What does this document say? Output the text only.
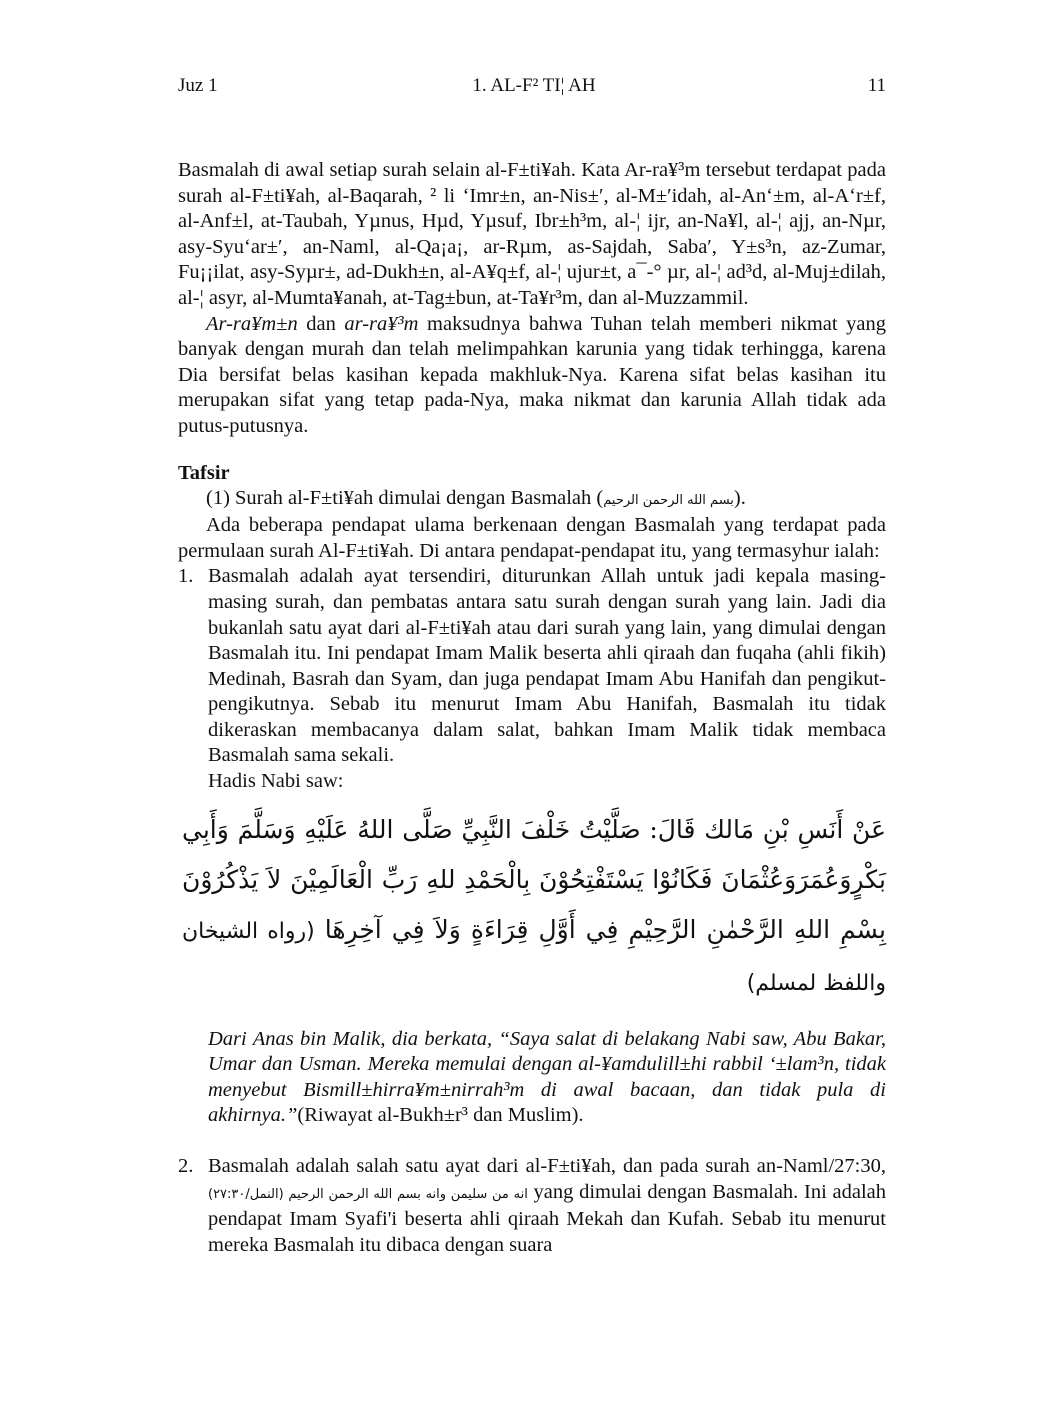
Juz 1	1. AL-F² TI¦ AH	11

Basmalah di awal setiap surah selain al-F±ti¥ah. Kata Ar-ra¥³m tersebut terdapat pada surah al-F±ti¥ah, al-Baqarah, ² li ‘Imr±n, an-Nis±′, al-M±′idah, al-An‘±m, al-A‘r±f, al-Anf±l, at-Taubah, Yµnus, Hµd, Yµsuf, Ibr±h³m, al-¦ ijr, an-Na¥l, al-¦ ajj, an-Nµr, asy-Syu‘ar±′, an-Naml, al-Qa¡a¡, ar-Rµm, as-Sajdah, Saba′, Y±s³n, az-Zumar, Fu¡¡ilat, asy-Syµr±, ad-Dukh±n, al-A¥q±f, al-¦ ujur±t, a¯-° µr, al-¦ ad³d, al-Muj±dilah, al-¦ asyr, al-Mumta¥anah, at-Tag±bun, at-Ta¥r³m, dan al-Muzzammil.

Ar-ra¥m±n dan ar-ra¥³m maksudnya bahwa Tuhan telah memberi nikmat yang banyak dengan murah dan telah melimpahkan karunia yang tidak terhingga, karena Dia bersifat belas kasihan kepada makhluk-Nya. Karena sifat belas kasihan itu merupakan sifat yang tetap pada-Nya, maka nikmat dan karunia Allah tidak ada putus-putusnya.

Tafsir

(1) Surah al-F±ti¥ah dimulai dengan Basmalah (بسم الله الرحمن الرحيم).

Ada beberapa pendapat ulama berkenaan dengan Basmalah yang terdapat pada permulaan surah Al-F±ti¥ah. Di antara pendapat-pendapat itu, yang termasyhur ialah:

1. Basmalah adalah ayat tersendiri, diturunkan Allah untuk jadi kepala masing-masing surah, dan pembatas antara satu surah dengan surah yang lain. Jadi dia bukanlah satu ayat dari al-F±ti¥ah atau dari surah yang lain, yang dimulai dengan Basmalah itu. Ini pendapat Imam Malik beserta ahli qiraah dan fuqaha (ahli fikih) Medinah, Basrah dan Syam, dan juga pendapat Imam Abu Hanifah dan pengikut-pengikutnya. Sebab itu menurut Imam Abu Hanifah, Basmalah itu tidak dikeraskan membacanya dalam salat, bahkan Imam Malik tidak membaca Basmalah sama sekali.

Hadis Nabi saw:

عَنْ أَنَسِ بْنِ مَالك قَالَ: صَلَّيْتُ خَلْفَ النَّبِيِّ صَلَّى اللهُ عَلَيْهِ وَسَلَّمَ وَأَبِي بَكْرٍوَعُمَرَوَعُثْمَانَ فَكَانُوْا يَسْتَفْتِحُوْنَ بِالْحَمْدِ للهِ رَبِّ الْعَالَمِيْنَ لاَ يَذْكُرُوْنَ بِسْمِ اللهِ الرَّحْمٰنِ الرَّحِيْمِ فِي أَوَّلِ قِرَاءَةٍ وَلاَ فِي آخِرِهَا (رواه الشيخان واللفظ لمسلم)

Dari Anas bin Malik, dia berkata, “Saya salat di belakang Nabi saw, Abu Bakar, Umar dan Usman. Mereka memulai dengan al-¥amdulill±hi rabbil ‘±lam³n, tidak menyebut Bismill±hirra¥m±nirrah³m di awal bacaan, dan tidak pula di akhirnya.”(Riwayat al-Bukh±r³ dan Muslim).

2. Basmalah adalah salah satu ayat dari al-F±ti¥ah, dan pada surah an-Naml/27:30, انه من سليمن وانه بسم الله الرحمن الرحيم (النمل/٢٧:٣٠) yang dimulai dengan Basmalah. Ini adalah pendapat Imam Syafi'i beserta ahli qiraah Mekah dan Kufah. Sebab itu menurut mereka Basmalah itu dibaca dengan suara
